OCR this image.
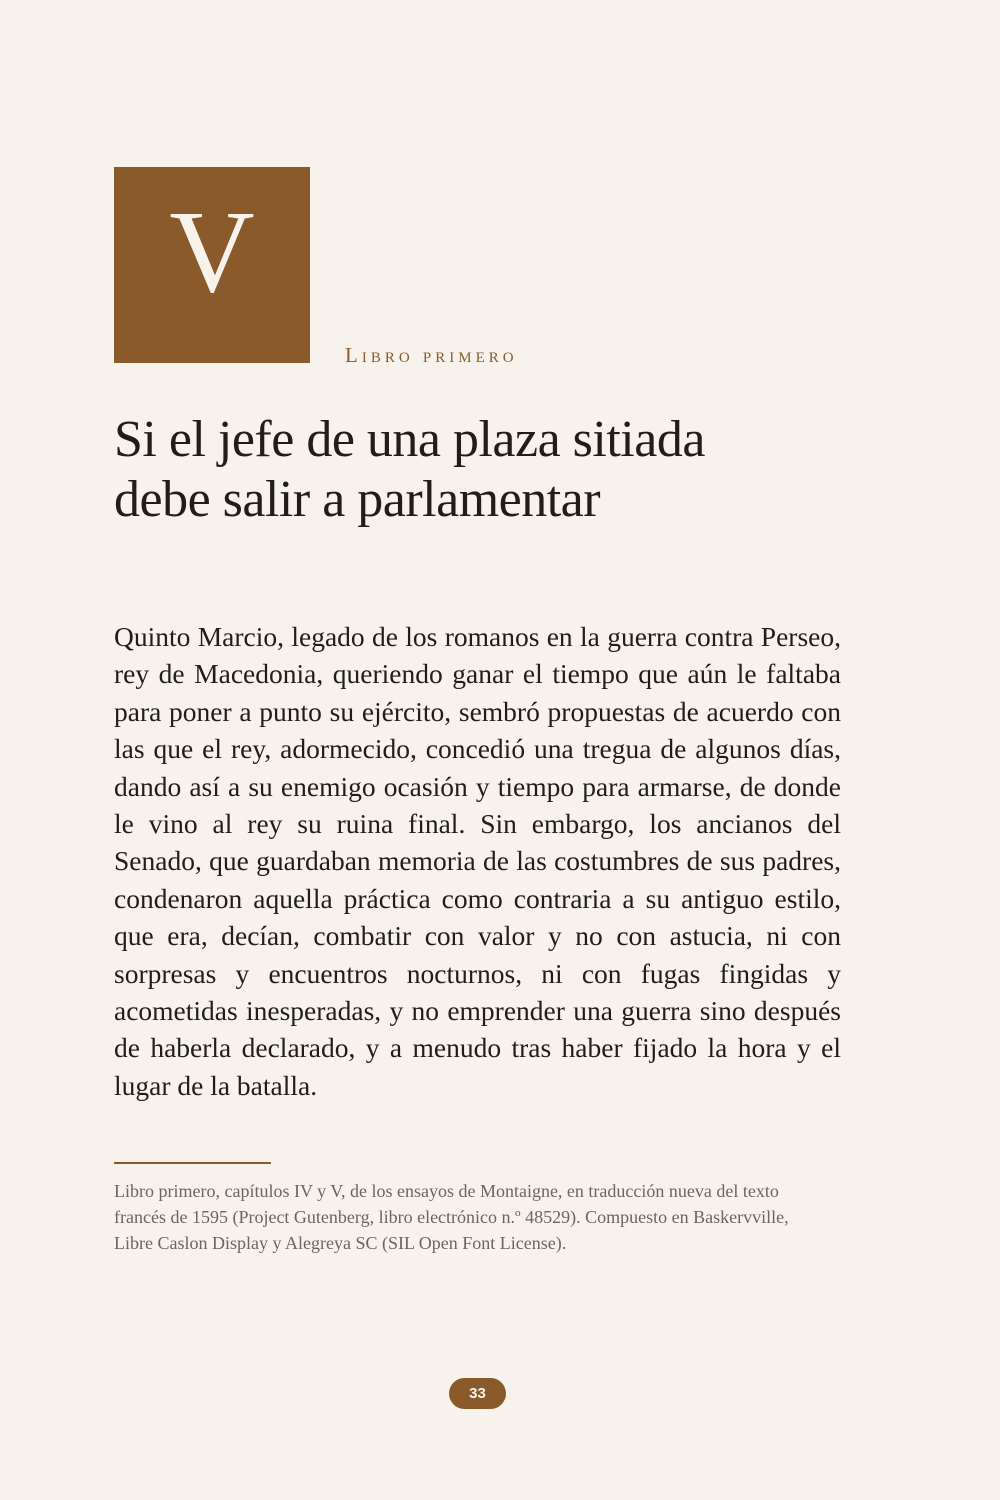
V
Libro primero
Si el jefe de una plaza sitiada
debe salir a parlamentar

Quinto Marcio, legado de los romanos en la guerra contra Perseo, rey de Macedonia, queriendo ganar el tiempo que aún le faltaba para poner a punto su ejército, sembró propuestas de acuerdo con las que el rey, adormecido, concedió una tregua de algunos días, dando así a su enemigo ocasión y tiempo para armarse, de donde le vino al rey su ruina final. Sin embargo, los ancianos del Senado, que guardaban memoria de las costumbres de sus padres, condenaron aquella práctica como contraria a su antiguo estilo, que era, decían, combatir con valor y no con astucia, ni con sorpresas y encuentros nocturnos, ni con fugas fingidas y acometidas inesperadas, y no emprender una guerra sino después de haberla declarado, y a menudo tras haber fijado la hora y el lugar de la batalla.

Libro primero, capítulos IV y V, de los ensayos de Montaigne, en traducción nueva del texto francés de 1595 (Project Gutenberg, libro electrónico n.º 48529). Compuesto en Baskervville, Libre Caslon Display y Alegreya SC (SIL Open Font License).

33
